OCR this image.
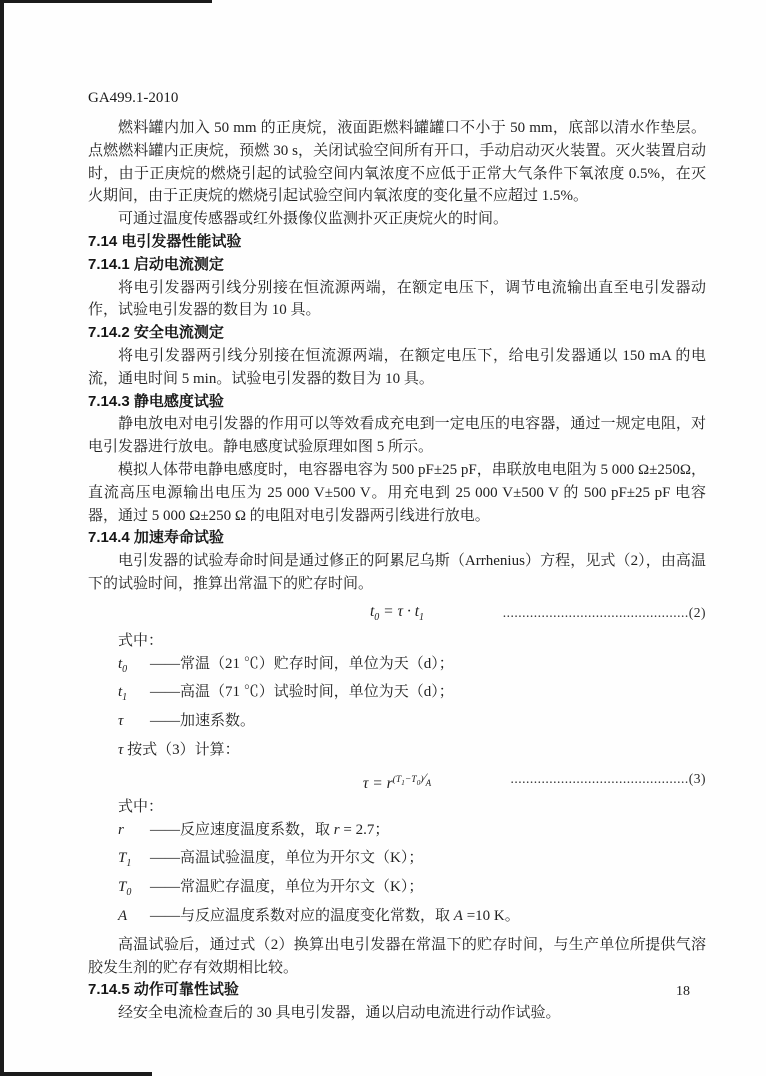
GA499.1-2010

燃料罐内加入 50 mm 的正庚烷，液面距燃料罐罐口不小于 50 mm，底部以清水作垫层。点燃燃料罐内正庚烷，预燃 30 s，关闭试验空间所有开口，手动启动灭火装置。灭火装置启动时，由于正庚烷的燃烧引起的试验空间内氧浓度不应低于正常大气条件下氧浓度 0.5%，在灭火期间，由于正庚烷的燃烧引起试验空间内氧浓度的变化量不应超过 1.5%。

可通过温度传感器或红外摄像仪监测扑灭正庚烷火的时间。

7.14 电引发器性能试验
7.14.1 启动电流测定

将电引发器两引线分别接在恒流源两端，在额定电压下，调节电流输出直至电引发器动作，试验电引发器的数目为 10 具。

7.14.2 安全电流测定

将电引发器两引线分别接在恒流源两端，在额定电压下，给电引发器通以 150 mA 的电流，通电时间 5 min。试验电引发器的数目为 10 具。

7.14.3 静电感度试验

静电放电对电引发器的作用可以等效看成充电到一定电压的电容器，通过一规定电阻，对电引发器进行放电。静电感度试验原理如图 5 所示。

模拟人体带电静电感度时，电容器电容为 500 pF±25 pF，串联放电电阻为 5 000 Ω±250Ω，直流高压电源输出电压为 25 000 V±500 V。用充电到 25 000 V±500 V 的 500 pF±25 pF 电容器，通过 5 000 Ω±250 Ω 的电阻对电引发器两引线进行放电。

7.14.4 加速寿命试验

电引发器的试验寿命时间是通过修正的阿累尼乌斯（Arrhenius）方程，见式（2），由高温下的试验时间，推算出常温下的贮存时间。

$t_0 = \tau \cdot t_1$	................................................(2)

式中：

$t_0$	——常温（21 ℃）贮存时间，单位为天（d）；
$t_1$	——高温（71 ℃）试验时间，单位为天（d）；
τ	——加速系数。

τ 按式（3）计算：

$\tau = r^{(T_1-T_0)⁄A}$	..............................................(3)

式中：

r	——反应速度温度系数，取 r = 2.7；
$T_1$	——高温试验温度，单位为开尔文（K）；
$T_0$	——常温贮存温度，单位为开尔文（K）；
A	——与反应温度系数对应的温度变化常数，取 A =10 K。

高温试验后，通过式（2）换算出电引发器在常温下的贮存时间，与生产单位所提供气溶胶发生剂的贮存有效期相比较。

7.14.5 动作可靠性试验

经安全电流检查后的 30 具电引发器，通以启动电流进行动作试验。

18
